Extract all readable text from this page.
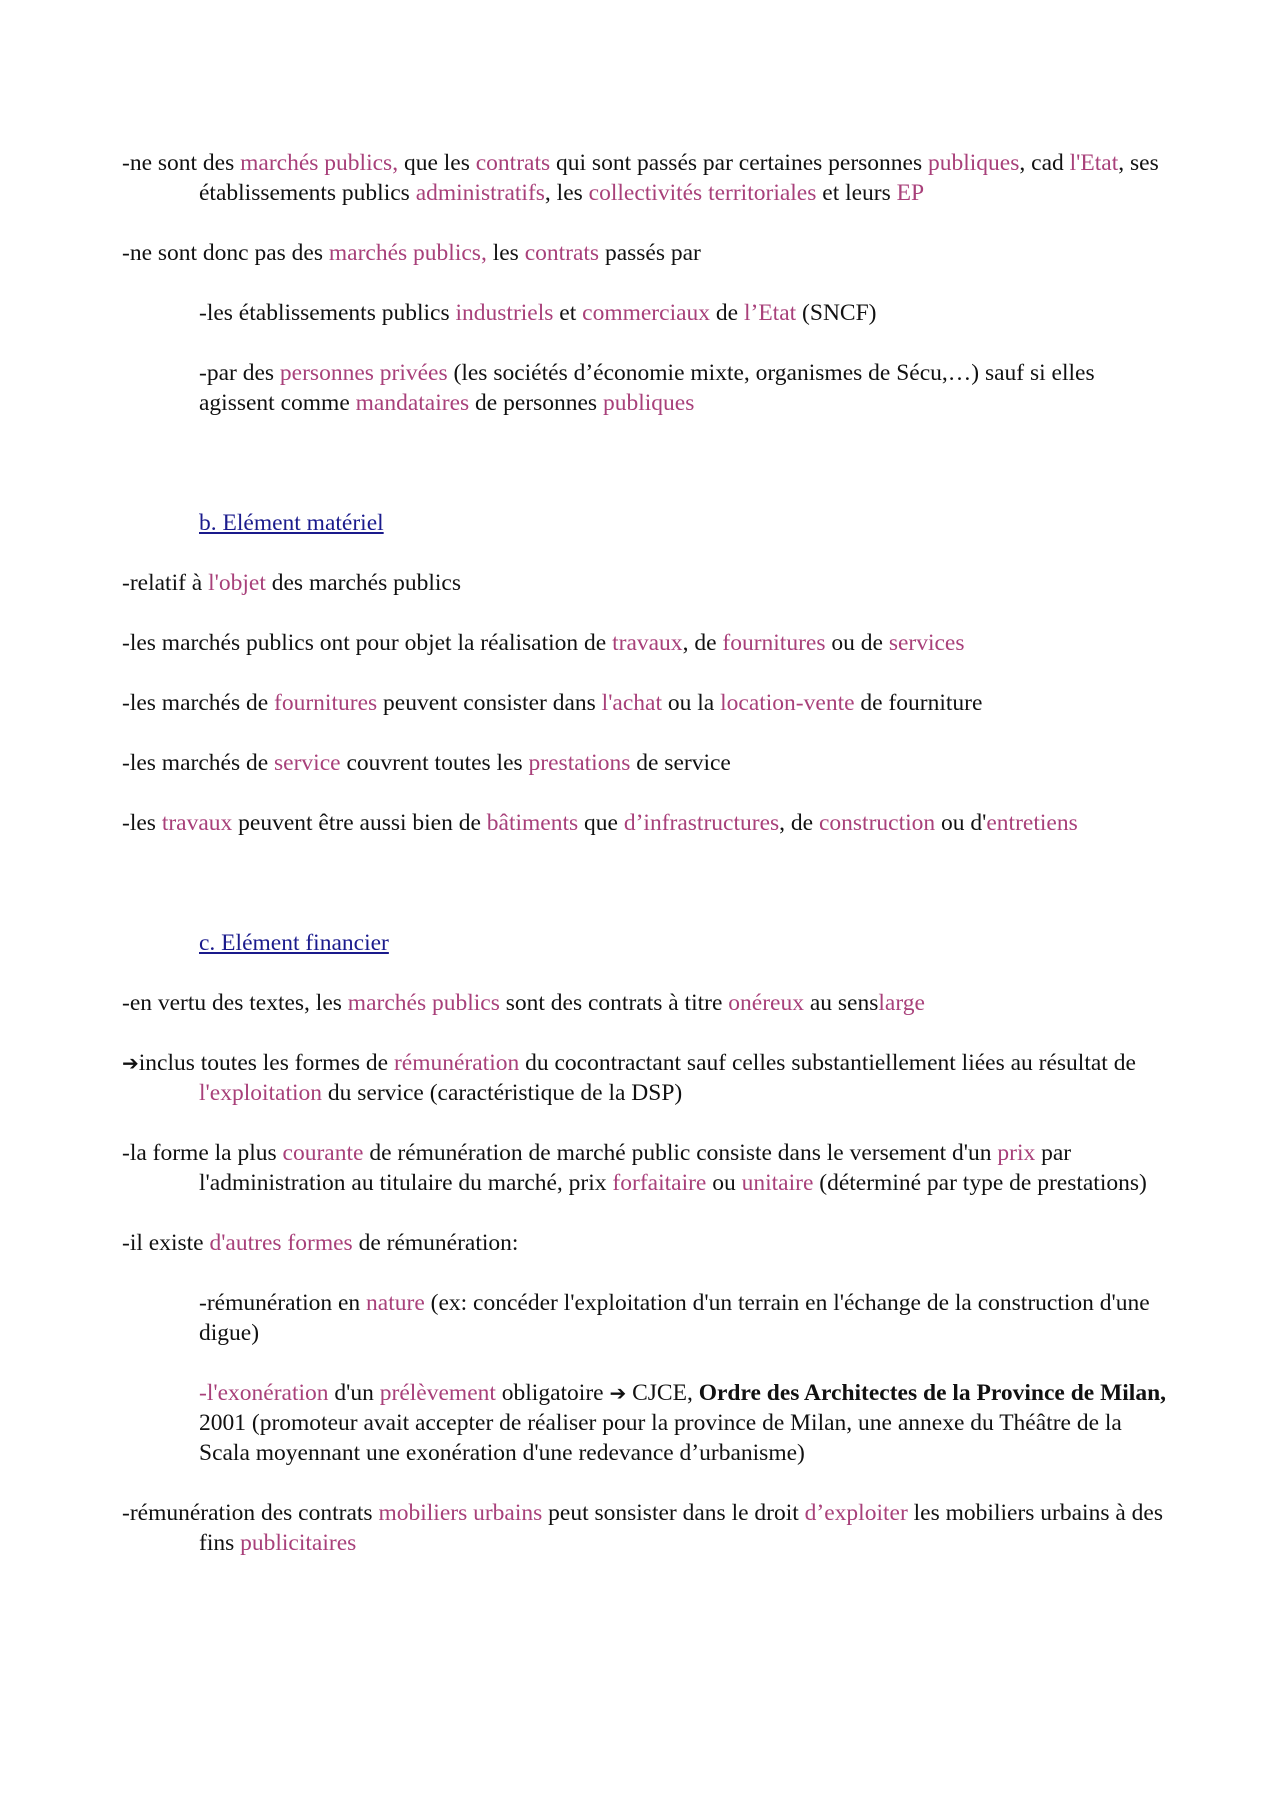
-ne sont des marchés publics, que les contrats qui sont passés par certaines personnes publiques, cad l'Etat, ses établissements publics administratifs, les collectivités territoriales et leurs EP

-ne sont donc pas des marchés publics, les contrats passés par

-les établissements publics industriels et commerciaux de l’Etat (SNCF)

-par des personnes privées (les sociétés d’économie mixte, organismes de Sécu,…) sauf si elles agissent comme mandataires de personnes publiques

b. Elément matériel

-relatif à l'objet des marchés publics

-les marchés publics ont pour objet la réalisation de travaux, de fournitures ou de services

-les marchés de fournitures peuvent consister dans l'achat ou la location-vente de fourniture

-les marchés de service couvrent toutes les prestations de service

-les travaux peuvent être aussi bien de bâtiments que d’infrastructures, de construction ou d'entretiens

c. Elément financier

-en vertu des textes, les marchés publics sont des contrats à titre onéreux au senslarge

➔inclus toutes les formes de rémunération du cocontractant sauf celles substantiellement liées au résultat de l'exploitation du service (caractéristique de la DSP)

-la forme la plus courante de rémunération de marché public consiste dans le versement d'un prix par l'administration au titulaire du marché, prix forfaitaire ou unitaire (déterminé par type de prestations)

-il existe d'autres formes de rémunération:

-rémunération en nature (ex: concéder l'exploitation d'un terrain en l'échange de la construction d'une digue)

-l'exonération d'un prélèvement obligatoire ➔ CJCE, Ordre des Architectes de la Province de Milan, 2001 (promoteur avait accepter de réaliser pour la province de Milan, une annexe du Théâtre de la Scala moyennant une exonération d'une redevance d’urbanisme)

-rémunération des contrats mobiliers urbains peut sonsister dans le droit d’exploiter les mobiliers urbains à des fins publicitaires
